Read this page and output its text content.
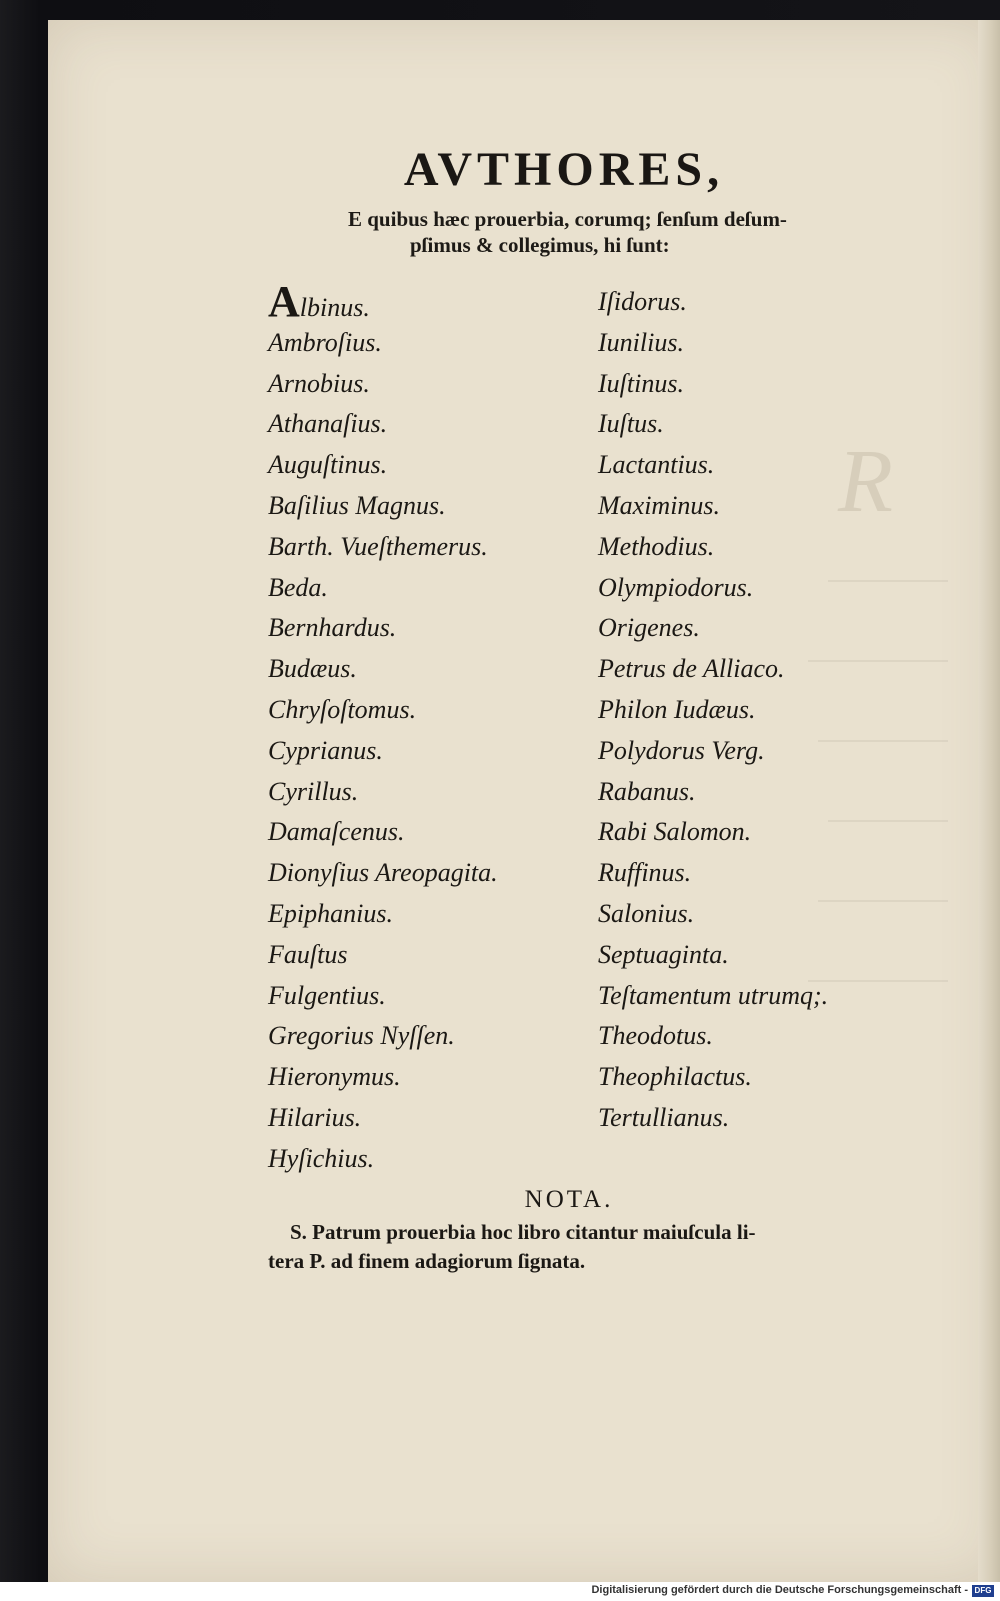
R
AVTHORES,
E quibus hæc prouerbia, corumq; ſenſum deſum-
pſimus & collegimus, hi ſunt:
Albinus.
Ambroſius.
Arnobius.
Athanaſius.
Auguſtinus.
Baſilius Magnus.
Barth. Vueſthemerus.
Beda.
Bernhardus.
Budæus.
Chryſoſtomus.
Cyprianus.
Cyrillus.
Damaſcenus.
Dionyſius Areopagita.
Epiphanius.
Fauſtus
Fulgentius.
Gregorius Nyſſen.
Hieronymus.
Hilarius.
Hyſichius.
Iſidorus.
Iunilius.
Iuſtinus.
Iuſtus.
Lactantius.
Maximinus.
Methodius.
Olympiodorus.
Origenes.
Petrus de Alliaco.
Philon Iudæus.
Polydorus Verg.
Rabanus.
Rabi Salomon.
Ruffinus.
Salonius.
Septuaginta.
Teſtamentum utrumq;.
Theodotus.
Theophilactus.
Tertullianus.
NOTA.
S. Patrum prouerbia hoc libro citantur maiuſcula li-
tera P. ad finem adagiorum ſignata.
Digitalisierung gefördert durch die Deutsche Forschungsgemeinschaft - DFG
